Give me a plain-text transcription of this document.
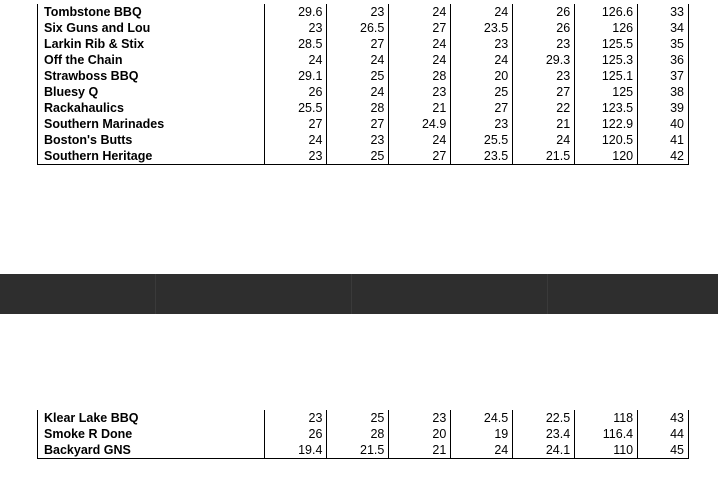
Tombstone BBQ	29.6	23	24	24	26	126.6	33
Six Guns and Lou	23	26.5	27	23.5	26	126	34
Larkin Rib & Stix	28.5	27	24	23	23	125.5	35
Off the Chain	24	24	24	24	29.3	125.3	36
Strawboss BBQ	29.1	25	28	20	23	125.1	37
Bluesy Q	26	24	23	25	27	125	38
Rackahaulics	25.5	28	21	27	22	123.5	39
Southern Marinades	27	27	24.9	23	21	122.9	40
Boston's Butts	24	23	24	25.5	24	120.5	41
Southern Heritage	23	25	27	23.5	21.5	120	42
Klear Lake BBQ	23	25	23	24.5	22.5	118	43
Smoke R Done	26	28	20	19	23.4	116.4	44
Backyard GNS	19.4	21.5	21	24	24.1	110	45
